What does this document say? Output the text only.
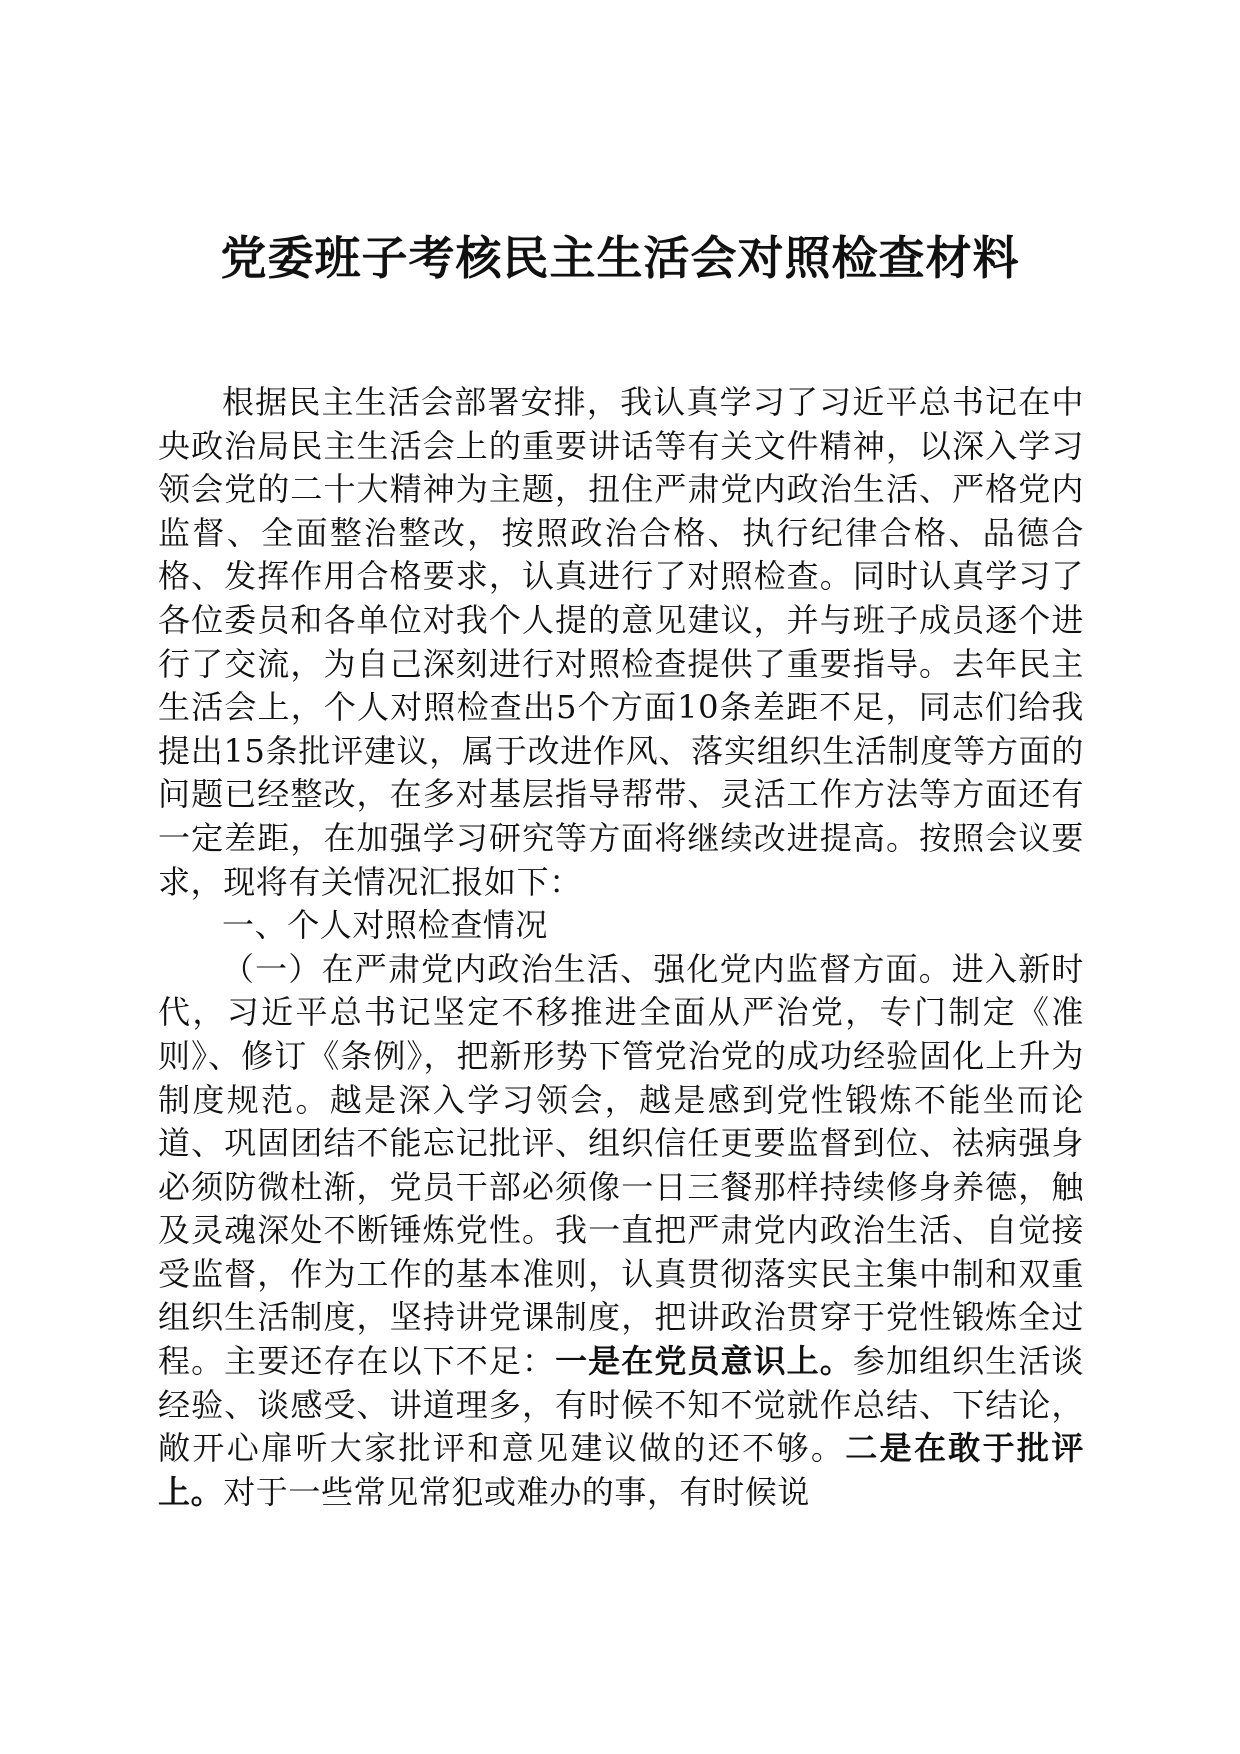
党委班子考核民主生活会对照检查材料

根据民主生活会部署安排，我认真学习了习近平总书记在中央政治局民主生活会上的重要讲话等有关文件精神，以深入学习领会党的二十大精神为主题，扭住严肃党内政治生活、严格党内监督、全面整治整改，按照政治合格、执行纪律合格、品德合格、发挥作用合格要求，认真进行了对照检查。同时认真学习了各位委员和各单位对我个人提的意见建议，并与班子成员逐个进行了交流，为自己深刻进行对照检查提供了重要指导。去年民主生活会上，个人对照检查出5个方面10条差距不足，同志们给我提出15条批评建议，属于改进作风、落实组织生活制度等方面的问题已经整改，在多对基层指导帮带、灵活工作方法等方面还有一定差距，在加强学习研究等方面将继续改进提高。按照会议要求，现将有关情况汇报如下：

一、个人对照检查情况

（一）在严肃党内政治生活、强化党内监督方面。进入新时代，习近平总书记坚定不移推进全面从严治党，专门制定《准则》、修订《条例》，把新形势下管党治党的成功经验固化上升为制度规范。越是深入学习领会，越是感到党性锻炼不能坐而论道、巩固团结不能忘记批评、组织信任更要监督到位、祛病强身必须防微杜渐，党员干部必须像一日三餐那样持续修身养德，触及灵魂深处不断锤炼党性。我一直把严肃党内政治生活、自觉接受监督，作为工作的基本准则，认真贯彻落实民主集中制和双重组织生活制度，坚持讲党课制度，把讲政治贯穿于党性锻炼全过程。主要还存在以下不足：一是在党员意识上。参加组织生活谈经验、谈感受、讲道理多，有时候不知不觉就作总结、下结论，敞开心扉听大家批评和意见建议做的还不够。二是在敢于批评上。对于一些常见常犯或难办的事，有时候说
